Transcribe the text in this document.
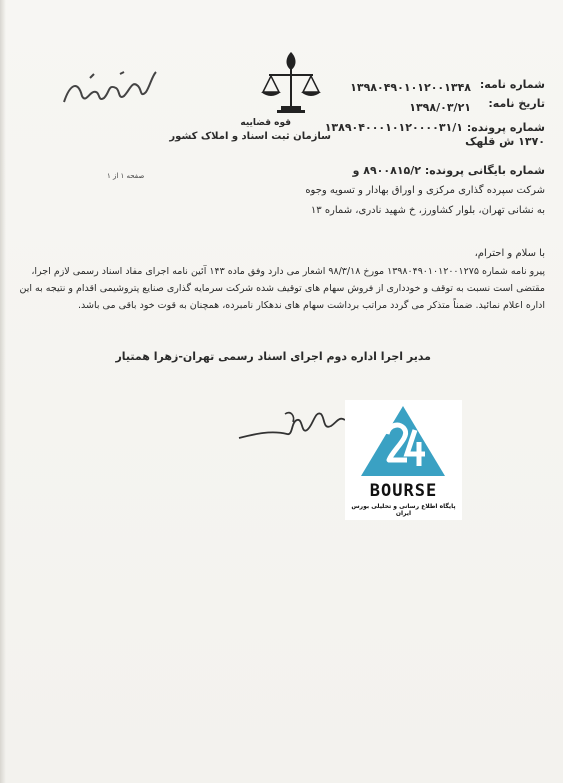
قوه قضاییه
سازمان ثبت اسناد و املاک کشور
شماره نامه:
۱۳۹۸۰۴۹۰۱۰۱۲۰۰۱۳۴۸
تاریخ نامه:
۱۳۹۸/۰۳/۲۱
شماره پرونده: ۱۳۸۹۰۴۰۰۰۱۰۱۲۰۰۰۰۳۱/۱
۱۳۷۰ ش قلهک
شماره بایگانی پرونده: ۸۹۰۰۸۱۵/۲ و
صفحه ۱ از ۱
شرکت سپرده گذاری مرکزی و اوراق بهادار و تسویه وجوه
به نشانی تهران، بلوار کشاورز، خ شهید نادری، شماره ۱۳
با سلام و احترام،
پیرو نامه شماره ۱۳۹۸۰۴۹۰۱۰۱۲۰۰۱۲۷۵ مورخ ۹۸/۳/۱۸ اشعار می دارد وفق ماده ۱۴۳ آئین نامه اجرای مفاد اسناد رسمی لازم اجرا،
مقتضی است نسبت به توقف و خودداری از فروش سهام های توقیف شده شرکت سرمایه گذاری صنایع پتروشیمی اقدام و نتیجه به این
اداره اعلام نمائید. ضمناً متذکر می گردد مراتب برداشت سهام های ندهکار نامبرده، همچنان به قوت خود باقی می باشد.
مدیر اجرا اداره دوم اجرای اسناد رسمی تهران-زهرا همتیار
BOURSE
پایگاه اطلاع رسانی و تحلیلی بورس ایران
